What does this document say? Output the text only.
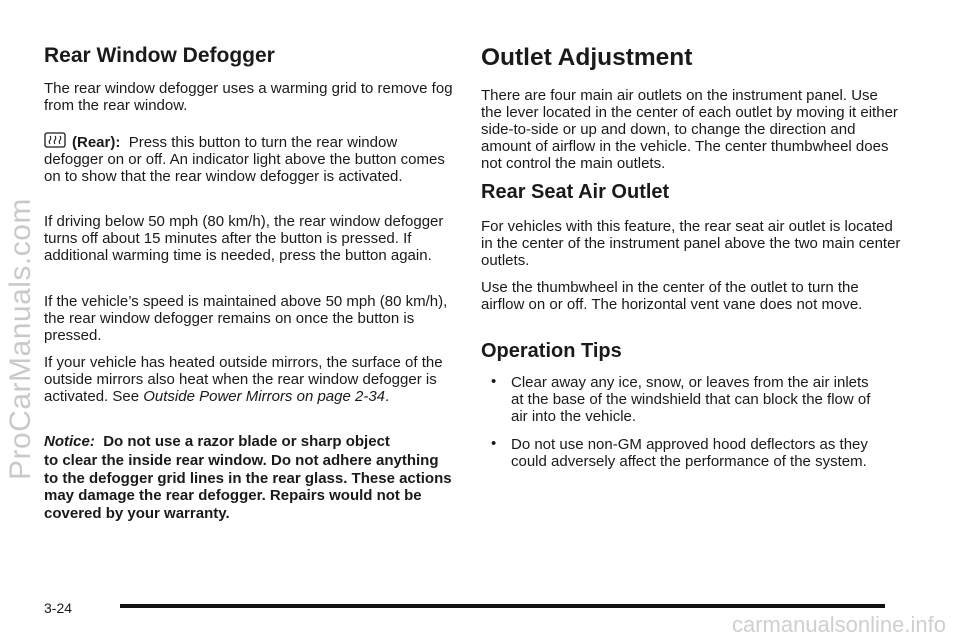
Rear Window Defogger

The rear window defogger uses a warming grid to remove fog from the rear window.

(Rear): Press this button to turn the rear window

defogger on or off. An indicator light above the button comes on to show that the rear window defogger is activated.

If driving below 50 mph (80 km/h), the rear window defogger turns off about 15 minutes after the button is pressed. If additional warming time is needed, press the button again.

If the vehicle’s speed is maintained above 50 mph (80 km/h), the rear window defogger remains on once the button is pressed.

If your vehicle has heated outside mirrors, the surface of the outside mirrors also heat when the rear window defogger is activated. See Outside Power Mirrors on page 2-34.

Notice: Do not use a razor blade or sharp object

to clear the inside rear window. Do not adhere anything to the defogger grid lines in the rear glass. These actions may damage the rear defogger. Repairs would not be covered by your warranty.

Outlet Adjustment

There are four main air outlets on the instrument panel. Use the lever located in the center of each outlet by moving it either side-to-side or up and down, to change the direction and amount of airflow in the vehicle. The center thumbwheel does not control the main outlets.

Rear Seat Air Outlet

For vehicles with this feature, the rear seat air outlet is located in the center of the instrument panel above the two main center outlets.

Use the thumbwheel in the center of the outlet to turn the airflow on or off. The horizontal vent vane does not move.

Operation Tips
• Clear away any ice, snow, or leaves from the air inlets at the base of the windshield that can block the flow of air into the vehicle.
• Do not use non-GM approved hood deflectors as they could adversely affect the performance of the system.
3-24
ProCarManuals.com
carmanualsonline.info
